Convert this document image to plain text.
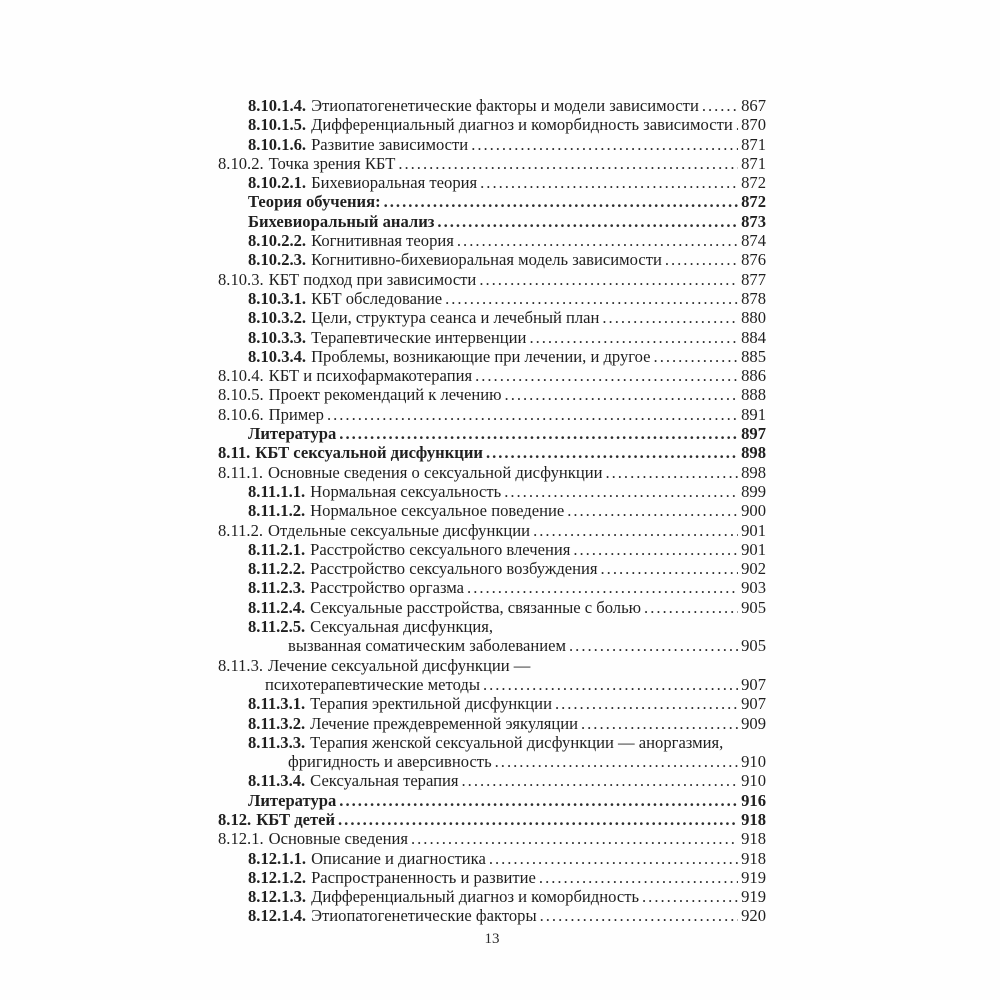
8.10.1.4. Этиопатогенетические факторы и модели зависимости .....	867
8.10.1.5. Дифференциальный диагноз и коморбидность зависимости ..... 870
8.10.1.6. Развитие зависимости .....	871
8.10.2. Точка зрения КБТ .....	871
8.10.2.1. Бихевиоральная теория .....	872
Теория обучения: .....	872
Бихевиоральный анализ .....	873
8.10.2.2. Когнитивная теория .....	874
8.10.2.3. Когнитивно-бихевиоральная модель зависимости .....	876
8.10.3. КБТ подход при зависимости .....	877
8.10.3.1. КБТ обследование .....	878
8.10.3.2. Цели, структура сеанса и лечебный план .....	880
8.10.3.3. Терапевтические интервенции .....	884
8.10.3.4. Проблемы, возникающие при лечении, и другое .....	885
8.10.4. КБТ и психофармакотерапия .....	886
8.10.5. Проект рекомендаций к лечению .....	888
8.10.6. Пример .....	891
Литература .....	897
8.11. КБТ сексуальной дисфункции .....	898
8.11.1. Основные сведения о сексуальной дисфункции .....	898
8.11.1.1. Нормальная сексуальность .....	899
8.11.1.2. Нормальное сексуальное поведение .....	900
8.11.2. Отдельные сексуальные дисфункции .....	901
8.11.2.1. Расстройство сексуального влечения .....	901
8.11.2.2. Расстройство сексуального возбуждения .....	902
8.11.2.3. Расстройство оргазма .....	903
8.11.2.4. Сексуальные расстройства, связанные с болью .....	905
8.11.2.5. Сексуальная дисфункция,
вызванная соматическим заболеванием .....	905
8.11.3. Лечение сексуальной дисфункции —
психотерапевтические методы .....	907
8.11.3.1. Терапия эректильной дисфункции .....	907
8.11.3.2. Лечение преждевременной эякуляции .....	909
8.11.3.3. Терапия женской сексуальной дисфункции — аноргазмия,
фригидность и аверсивность .....	910
8.11.3.4. Сексуальная терапия .....	910
Литература .....	916
8.12. КБТ детей .....	918
8.12.1. Основные сведения .....	918
8.12.1.1. Описание и диагностика .....	918
8.12.1.2. Распространенность и развитие .....	919
8.12.1.3. Дифференциальный диагноз и коморбидность .....	919
8.12.1.4. Этиопатогенетические факторы .....	920
13
